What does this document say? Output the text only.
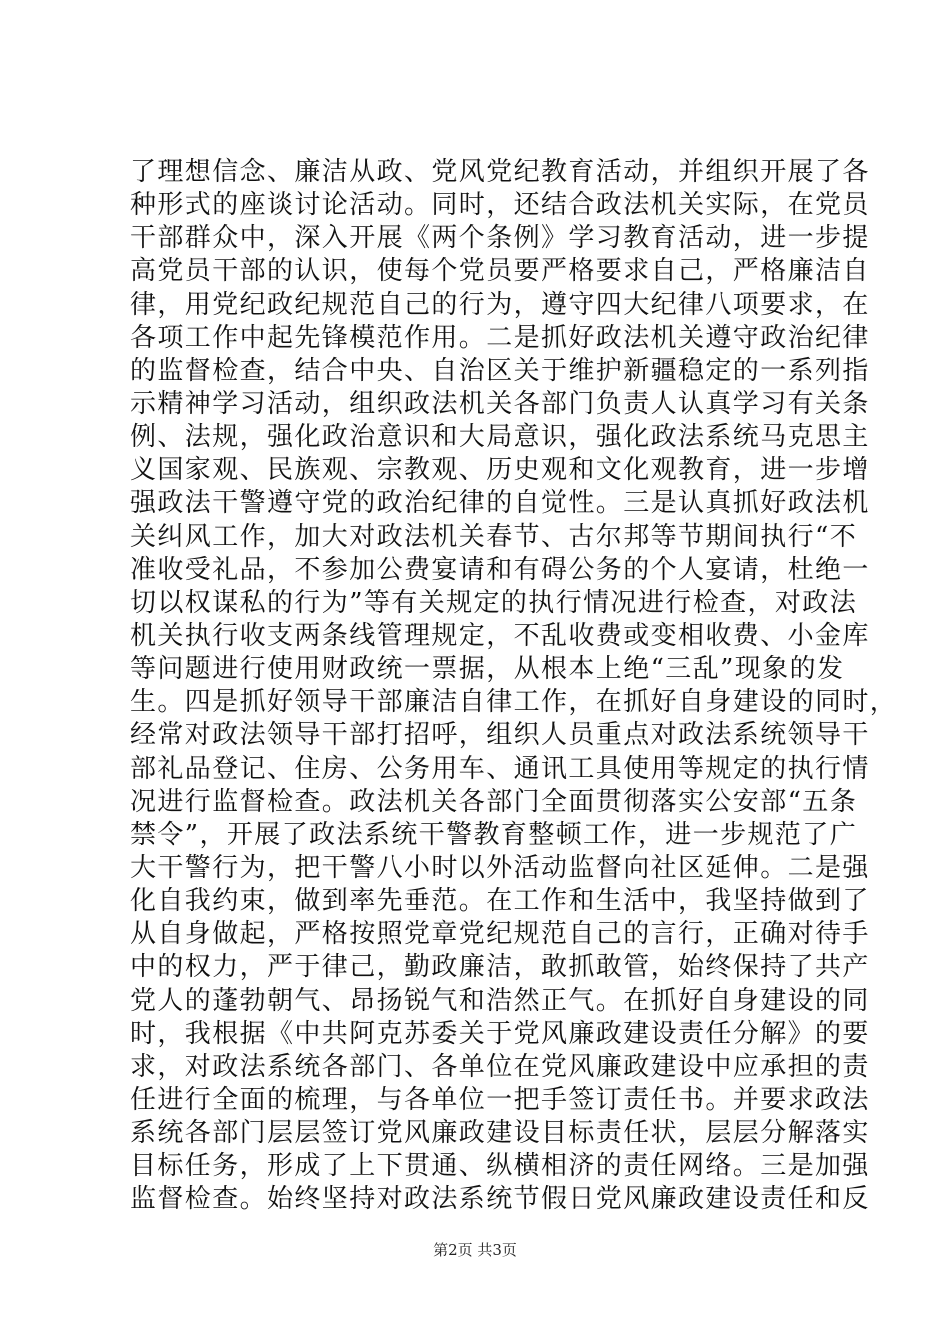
了理想信念、廉洁从政、党风党纪教育活动，并组织开展了各
种形式的座谈讨论活动。同时，还结合政法机关实际，在党员
干部群众中，深入开展《两个条例》学习教育活动，进一步提
高党员干部的认识，使每个党员要严格要求自己，严格廉洁自
律，用党纪政纪规范自己的行为，遵守四大纪律八项要求，在
各项工作中起先锋模范作用。二是抓好政法机关遵守政治纪律
的监督检查，结合中央、自治区关于维护新疆稳定的一系列指
示精神学习活动，组织政法机关各部门负责人认真学习有关条
例、法规，强化政治意识和大局意识，强化政法系统马克思主
义国家观、民族观、宗教观、历史观和文化观教育，进一步增
强政法干警遵守党的政治纪律的自觉性。三是认真抓好政法机
关纠风工作，加大对政法机关春节、古尔邦等节期间执行“不
准收受礼品，不参加公费宴请和有碍公务的个人宴请，杜绝一
切以权谋私的行为”等有关规定的执行情况进行检查，对政法
机关执行收支两条线管理规定，不乱收费或变相收费、小金库
等问题进行使用财政统一票据，从根本上绝“三乱”现象的发
生。四是抓好领导干部廉洁自律工作，在抓好自身建设的同时，
经常对政法领导干部打招呼，组织人员重点对政法系统领导干
部礼品登记、住房、公务用车、通讯工具使用等规定的执行情
况进行监督检查。政法机关各部门全面贯彻落实公安部“五条
禁令”，开展了政法系统干警教育整顿工作，进一步规范了广
大干警行为，把干警八小时以外活动监督向社区延伸。二是强
化自我约束，做到率先垂范。在工作和生活中，我坚持做到了
从自身做起，严格按照党章党纪规范自己的言行，正确对待手
中的权力，严于律己，勤政廉洁，敢抓敢管，始终保持了共产
党人的蓬勃朝气、昂扬锐气和浩然正气。在抓好自身建设的同
时，我根据《中共阿克苏委关于党风廉政建设责任分解》的要
求，对政法系统各部门、各单位在党风廉政建设中应承担的责
任进行全面的梳理，与各单位一把手签订责任书。并要求政法
系统各部门层层签订党风廉政建设目标责任状，层层分解落实
目标任务，形成了上下贯通、纵横相济的责任网络。三是加强
监督检查。始终坚持对政法系统节假日党风廉政建设责任和反
第2页 共3页
